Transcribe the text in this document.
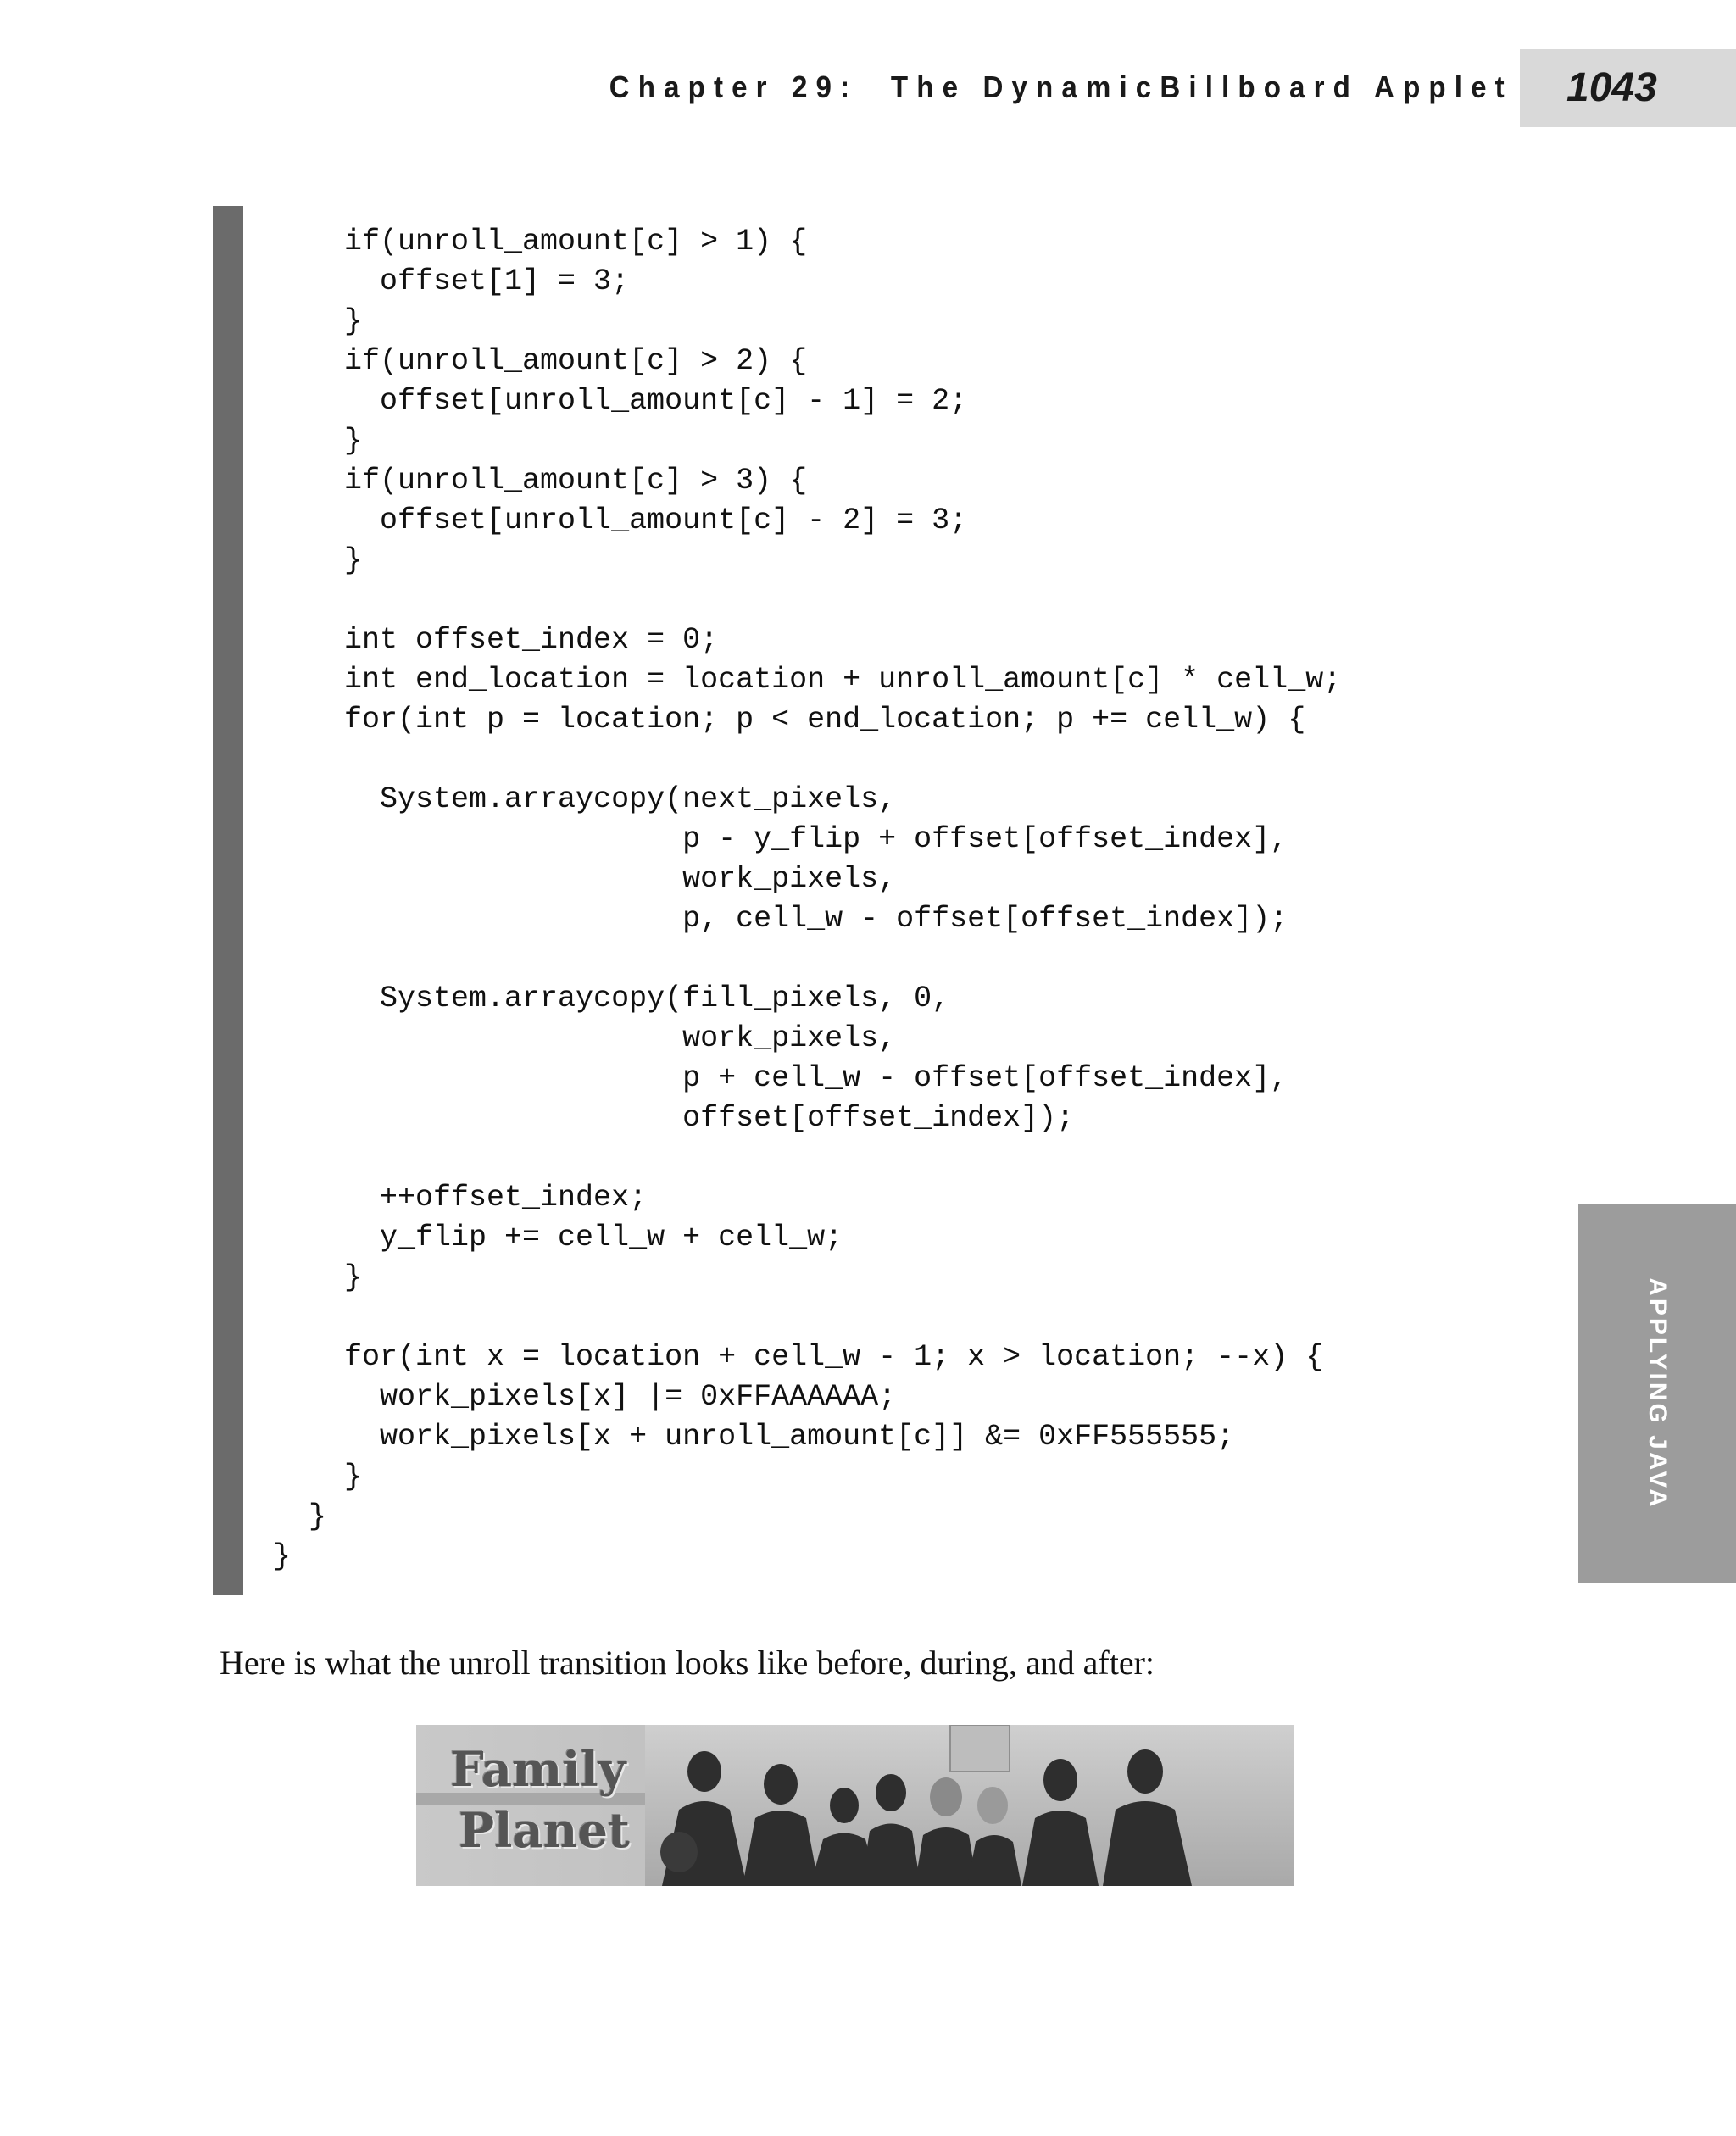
Chapter 29:  The DynamicBillboard Applet 1043
if(unroll_amount[c] > 1) {
offset[1] = 3;
}
if(unroll_amount[c] > 2) {
offset[unroll_amount[c] - 1] = 2;
}
if(unroll_amount[c] > 3) {
offset[unroll_amount[c] - 2] = 3;
}
int offset_index = 0;
int end_location = location + unroll_amount[c] * cell_w;
for(int p = location; p < end_location; p += cell_w) {
System.arraycopy(next_pixels,
p - y_flip + offset[offset_index],
work_pixels,
p, cell_w - offset[offset_index]);
System.arraycopy(fill_pixels, 0,
work_pixels,
p + cell_w - offset[offset_index],
offset[offset_index]);
++offset_index;
y_flip += cell_w + cell_w;
}
for(int x = location + cell_w - 1; x > location; --x) {
work_pixels[x] |= 0xFFAAAAAA;
work_pixels[x + unroll_amount[c]] &= 0xFF555555;
}
}
}
APPLYING JAVA
Here is what the unroll transition looks like before, during, and after:
Family
Planet
